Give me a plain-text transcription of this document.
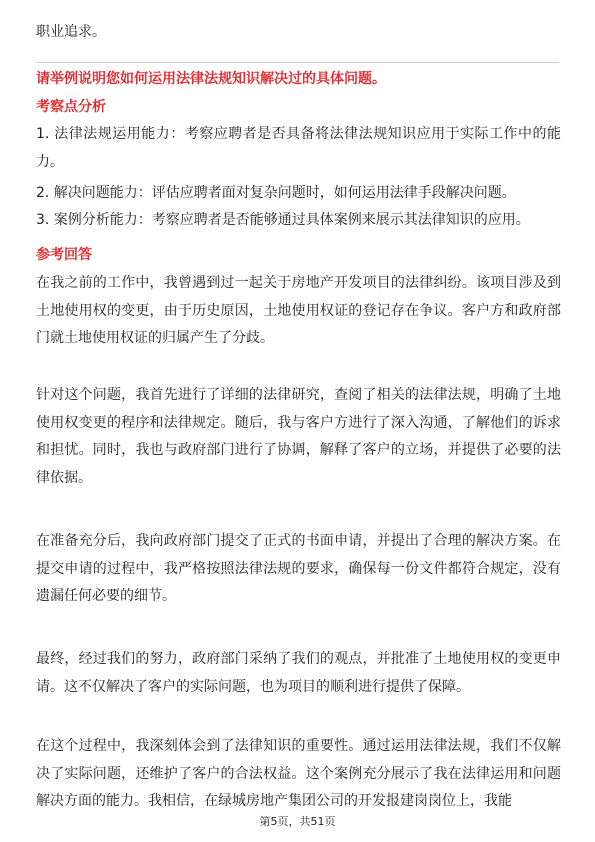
职业追求。
请举例说明您如何运用法律法规知识解决过的具体问题。
考察点分析
1. 法律法规运用能力：考察应聘者是否具备将法律法规知识应用于实际工作中的能力。
2. 解决问题能力：评估应聘者面对复杂问题时，如何运用法律手段解决问题。
3. 案例分析能力：考察应聘者是否能够通过具体案例来展示其法律知识的应用。
参考回答
在我之前的工作中，我曾遇到过一起关于房地产开发项目的法律纠纷。该项目涉及到土地使用权的变更，由于历史原因，土地使用权证的登记存在争议。客户方和政府部门就土地使用权证的归属产生了分歧。
针对这个问题，我首先进行了详细的法律研究，查阅了相关的法律法规，明确了土地使用权变更的程序和法律规定。随后，我与客户方进行了深入沟通，了解他们的诉求和担忧。同时，我也与政府部门进行了协调，解释了客户的立场，并提供了必要的法律依据。
在准备充分后，我向政府部门提交了正式的书面申请，并提出了合理的解决方案。在提交申请的过程中，我严格按照法律法规的要求，确保每一份文件都符合规定，没有遗漏任何必要的细节。
最终，经过我们的努力，政府部门采纳了我们的观点，并批准了土地使用权的变更申请。这不仅解决了客户的实际问题，也为项目的顺利进行提供了保障。
在这个过程中，我深刻体会到了法律知识的重要性。通过运用法律法规，我们不仅解决了实际问题，还维护了客户的合法权益。这个案例充分展示了我在法律运用和问题解决方面的能力。我相信，在绿城房地产集团公司的开发报建岗岗位上，我能
第5页，共51页
